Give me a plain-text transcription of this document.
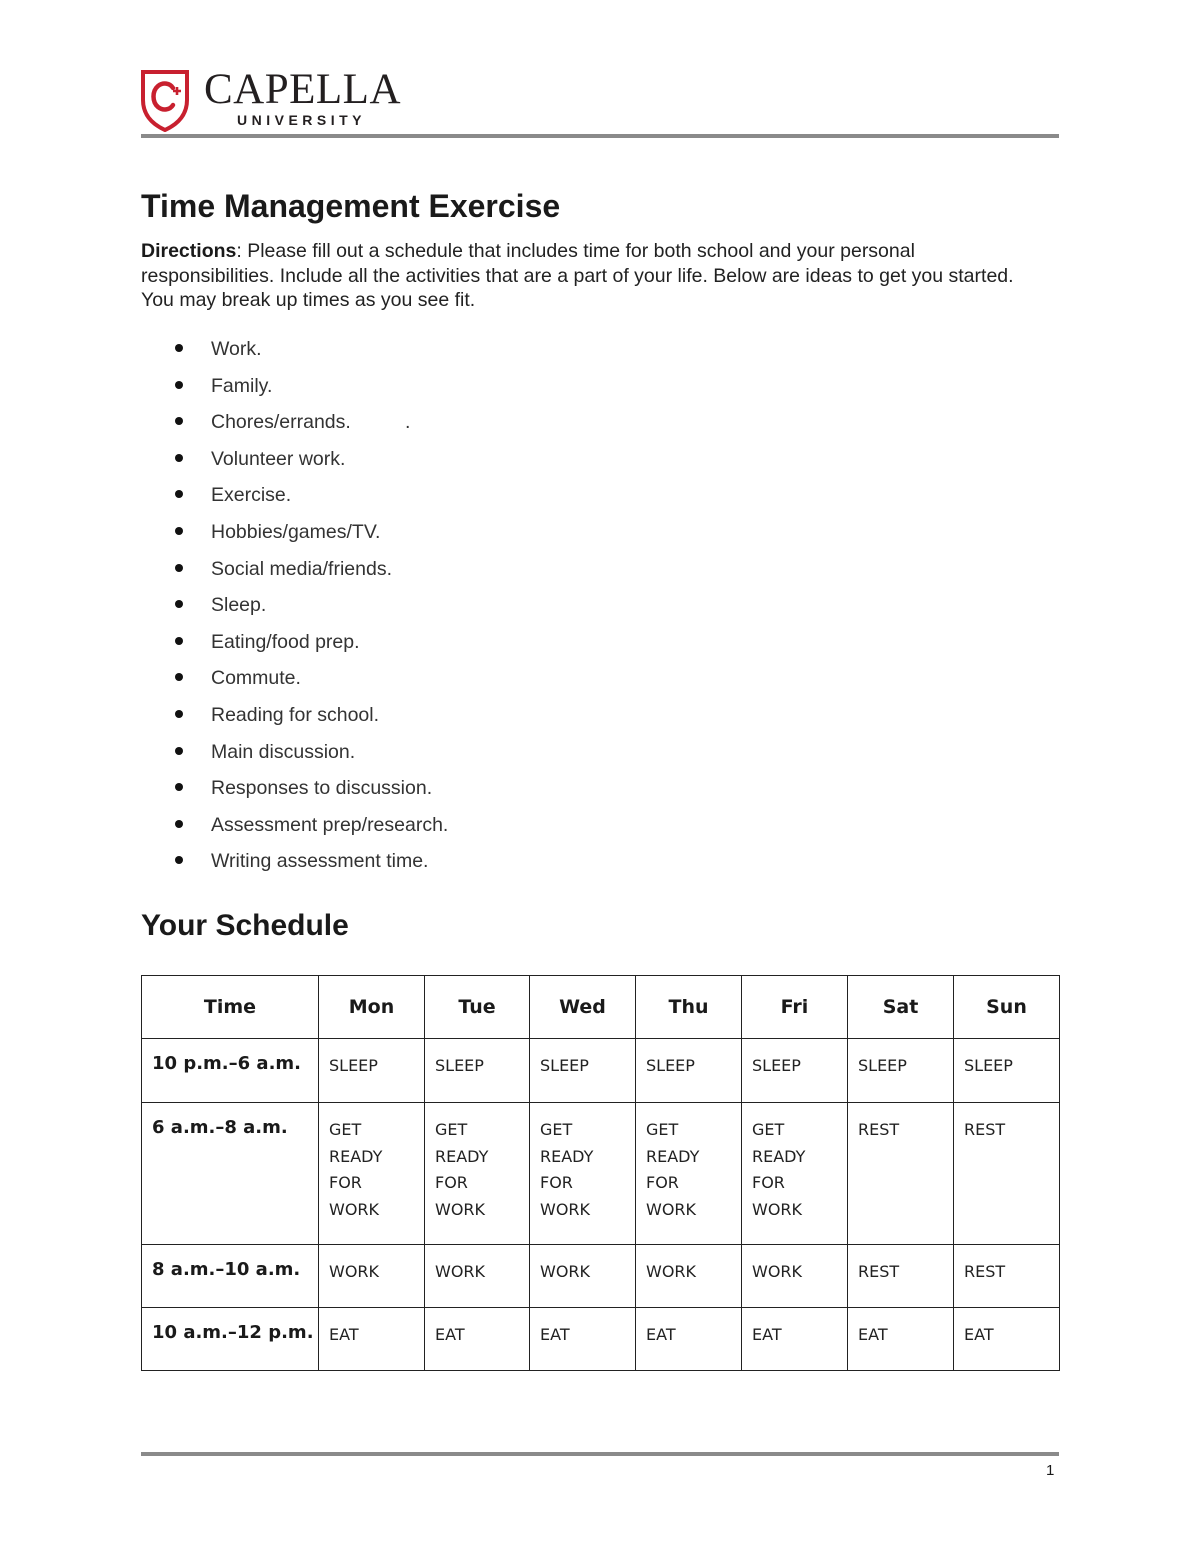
CAPELLA
UNIVERSITY
Time Management Exercise

Directions: Please fill out a schedule that includes time for both school and your personal responsibilities. Include all the activities that are a part of your life. Below are ideas to get you started. You may break up times as you see fit.

Work.
Family.
Chores/errands.          .
Volunteer work.
Exercise.
Hobbies/games/TV.
Social media/friends.
Sleep.
Eating/food prep.
Commute.
Reading for school.
Main discussion.
Responses to discussion.
Assessment prep/research.
Writing assessment time.
Your Schedule
Time	Mon	Tue	Wed	Thu	Fri	Sat	Sun
10 p.m.–6 a.m.	SLEEP	SLEEP	SLEEP	SLEEP	SLEEP	SLEEP	SLEEP
6 a.m.–8 a.m.	GET READY FOR WORK	GET READY FOR WORK	GET READY FOR WORK	GET READY FOR WORK	GET READY FOR WORK	REST	REST
8 a.m.–10 a.m.	WORK	WORK	WORK	WORK	WORK	REST	REST
10 a.m.–12 p.m.	EAT	EAT	EAT	EAT	EAT	EAT	EAT
1
